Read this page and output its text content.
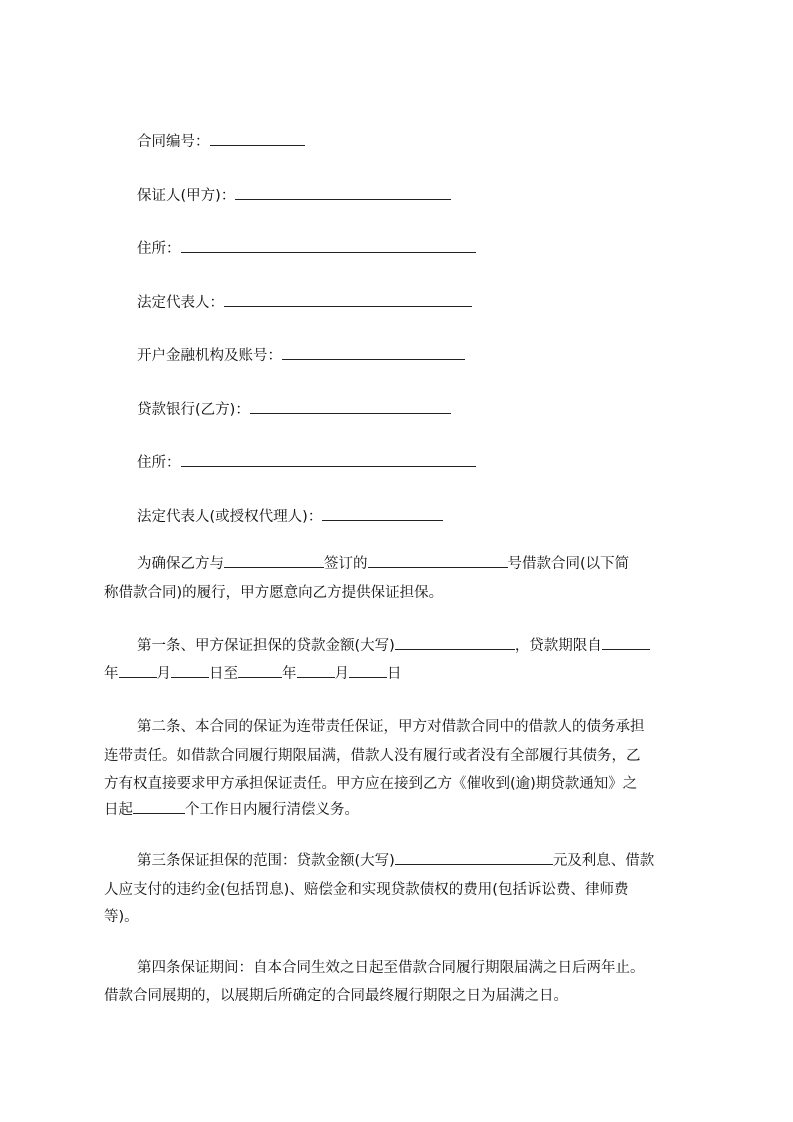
合同编号：
保证人(甲方)：
住所：
法定代表人：
开户金融机构及账号：
贷款银行(乙方)：
住所：
法定代表人(或授权代理人)：
为确保乙方与	签订的	号借款合同(以下简
称借款合同)的履行，甲方愿意向乙方提供保证担保。
第一条、甲方保证担保的贷款金额(大写)	，贷款期限自
年	月	日至	年	月	日
第二条、本合同的保证为连带责任保证，甲方对借款合同中的借款人的债务承担
连带责任。如借款合同履行期限届满，借款人没有履行或者没有全部履行其债务，乙
方有权直接要求甲方承担保证责任。甲方应在接到乙方《催收到(逾)期贷款通知》之
日起	个工作日内履行清偿义务。
第三条保证担保的范围：贷款金额(大写)	元及利息、借款
人应支付的违约金(包括罚息)、赔偿金和实现贷款债权的费用(包括诉讼费、律师费
等)。
第四条保证期间：自本合同生效之日起至借款合同履行期限届满之日后两年止。
借款合同展期的，以展期后所确定的合同最终履行期限之日为届满之日。
